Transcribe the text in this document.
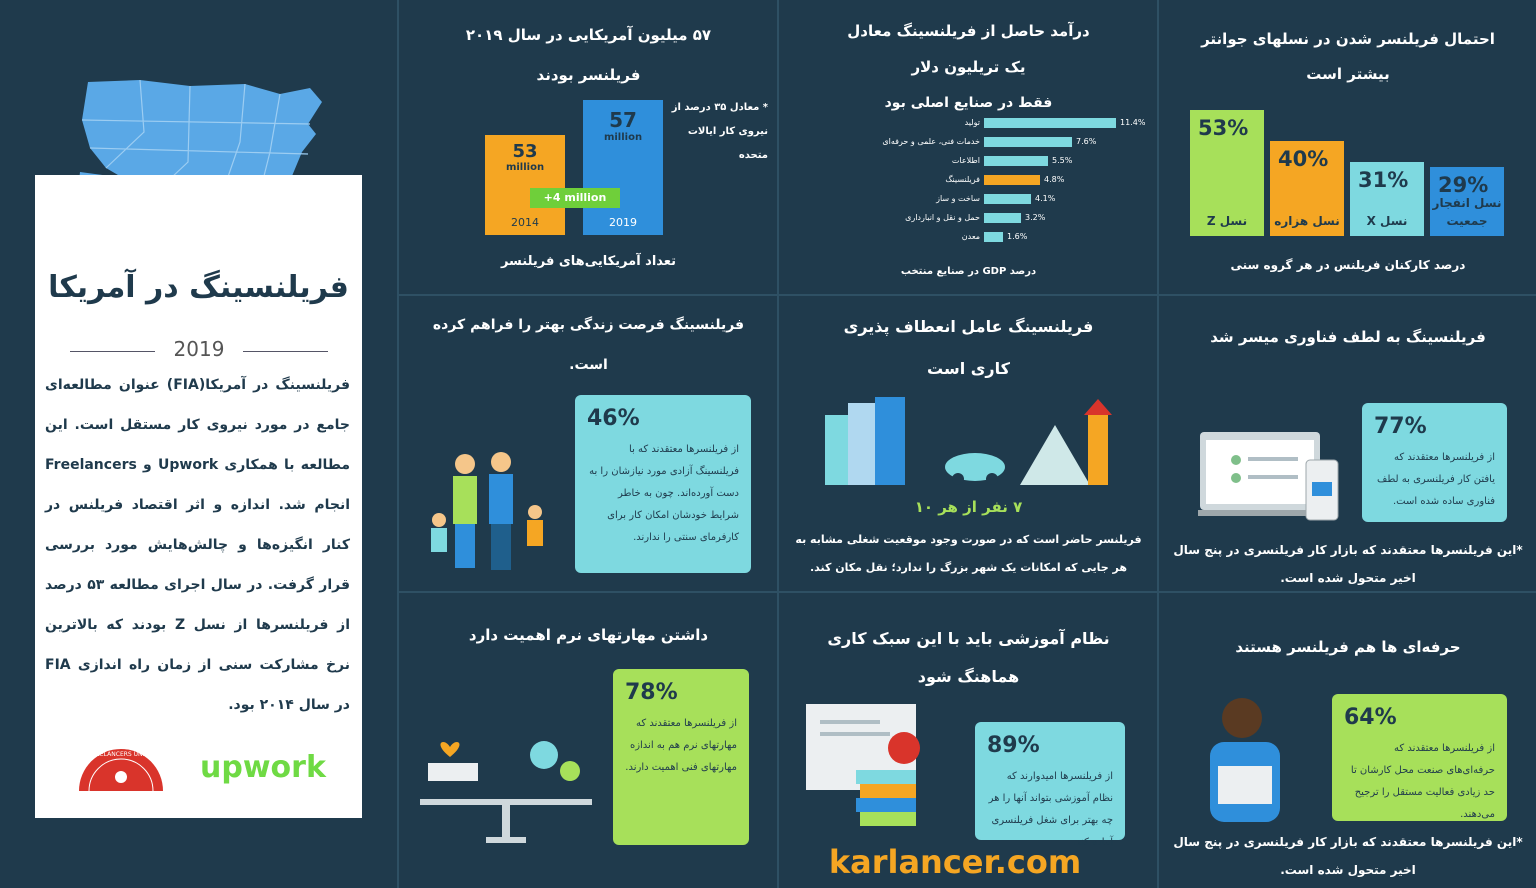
فریلنسینگ در آمریکا
2019
فریلنسینگ در آمریکا(FIA) عنوان مطالعه‌ای جامع در مورد نیروی کار مستقل است. این مطالعه با همکاری Upwork و Freelancers انجام شد. اندازه و اثر اقتصاد فریلنس در کنار انگیزه‌ها و چالش‌هایش مورد بررسی قرار گرفت. در سال اجرای مطالعه ۵۳ درصد از فریلنسرها از نسل Z بودند که بالاترین نرخ مشارکت سنی از زمان راه اندازی FIA در سال ۲۰۱۴ بود.
FREELANCERS UNION	upwork
احتمال فریلنسر شدن در نسلهای جوانتر
بیشتر است
53%
نسل Z
40%
نسل هزاره
31%
نسل X
29%
نسل انفجار جمعیت
درصد کارکنان فریلنس در هر گروه سنی
درآمد حاصل از فریلنسینگ معادل
یک تریلیون دلار
فقط در صنایع اصلی بود
تولید	11.4%
خدمات فنی، علمی و حرفه‌ای	7.6%
اطلاعات	5.5%
فریلنسینگ	4.8%
ساخت و ساز	4.1%
حمل و نقل و انبارداری	3.2%
معدن	1.6%
درصد GDP در صنایع منتخب
۵۷ میلیون آمریکایی در سال ۲۰۱۹
فریلنسر بودند
53
million
2014
57
million
2019
+4 million
* معادل ۳۵ درصد از نیروی کار ایالات متحده
تعداد آمریکایی‌های فریلنسر
فریلنسینگ به لطف فناوری میسر شد
77%
از فریلنسرها معتقدند که یافتن کار فریلنسری به لطف فناوری ساده شده است.
*این فریلنسرها معتقدند که بازار کار فریلنسری در پنج سال اخیر متحول شده است.
فریلنسینگ عامل انعطاف پذیری
کاری است
۷ نفر از هر ۱۰
فریلنسر حاضر است که در صورت وجود موقعیت شغلی مشابه به هر جایی که امکانات یک شهر بزرگ را ندارد؛ نقل مکان کند.
فریلنسینگ فرصت زندگی بهتر را فراهم کرده
است.
46%
از فریلنسرها معتقدند که با فریلنسینگ آزادی مورد نیازشان را به دست آورده‌اند. چون به خاطر شرایط خودشان امکان کار برای کارفرمای سنتی را ندارند.
حرفه‌ای ها هم فریلنسر هستند
64%
از فریلنسرها معتقدند که حرفه‌ای‌های صنعت محل کارشان تا حد زیادی فعالیت مستقل را ترجیح می‌دهند.
*این فریلنسرها معتقدند که بازار کار فریلنسری در پنج سال اخیر متحول شده است.
نظام آموزشی باید با این سبک کاری
هماهنگ شود
89%
از فریلنسرها امیدوارند که نظام آموزشی بتواند آنها را هر چه بهتر برای شغل فریلنسری آماده کند.
داشتن مهارتهای نرم اهمیت دارد
78%
از فریلنسرها معتقدند که مهارتهای نرم هم به اندازه مهارتهای فنی اهمیت دارند.
karlancer.com
